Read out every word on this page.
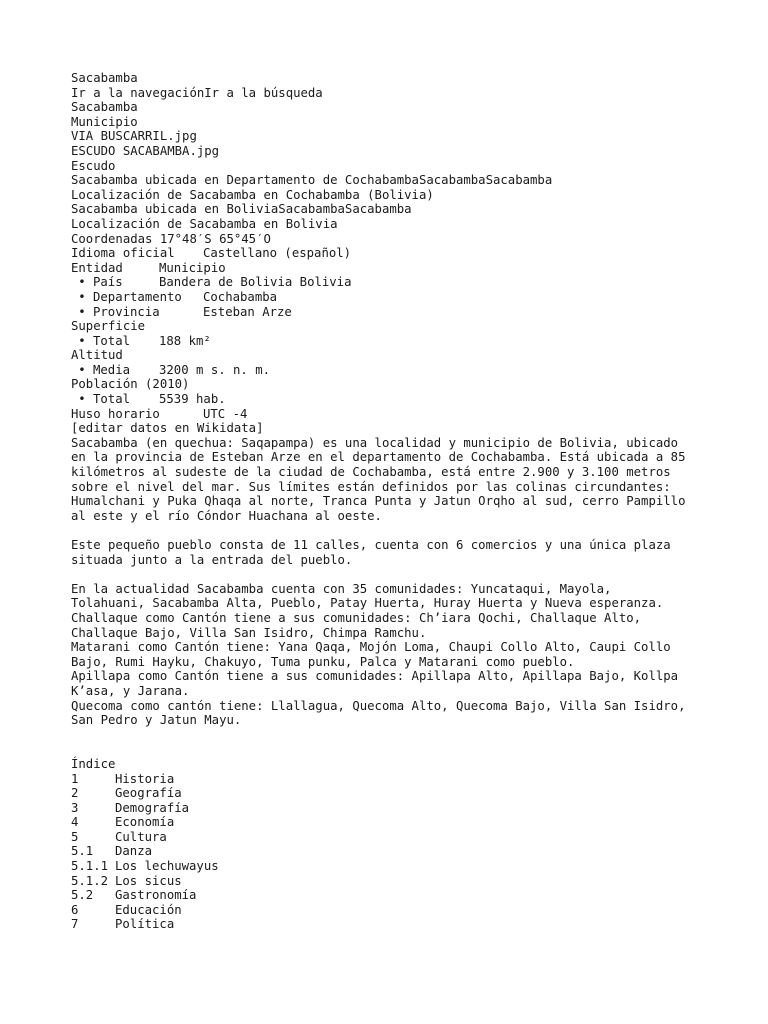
Sacabamba
Ir a la navegaciónIr a la búsqueda
Sacabamba
Municipio
VIA BUSCARRIL.jpg
ESCUDO SACABAMBA.jpg
Escudo
Sacabamba ubicada en Departamento de CochabambaSacabambaSacabamba
Localización de Sacabamba en Cochabamba (Bolivia)
Sacabamba ubicada en BoliviaSacabambaSacabamba
Localización de Sacabamba en Bolivia
Coordenadas 17°48′S 65°45′O
Idioma oficial	Castellano (español)
Entidad	Municipio
• País	Bandera de Bolivia Bolivia
• Departamento	Cochabamba
• Provincia	Esteban Arze
Superficie
• Total	188 km²
Altitud
• Media	3200 m s. n. m.
Población (2010)
• Total	5539 hab.
Huso horario	UTC -4
[editar datos en Wikidata]
Sacabamba (en quechua: Saqapampa) es una localidad y municipio de Bolivia, ubicado
en la provincia de Esteban Arze en el departamento de Cochabamba. Está ubicada a 85
kilómetros al sudeste de la ciudad de Cochabamba, está entre 2.900 y 3.100 metros
sobre el nivel del mar. Sus límites están definidos por las colinas circundantes:
Humalchani y Puka Qhaqa al norte, Tranca Punta y Jatun Orqho al sud, cerro Pampillo
al este y el río Cóndor Huachana al oeste.
Este pequeño pueblo consta de 11 calles, cuenta con 6 comercios y una única plaza
situada junto a la entrada del pueblo.
En la actualidad Sacabamba cuenta con 35 comunidades: Yuncataqui, Mayola,
Tolahuani, Sacabamba Alta, Pueblo, Patay Huerta, Huray Huerta y Nueva esperanza.
Challaque como Cantón tiene a sus comunidades: Ch’iara Qochi, Challaque Alto,
Challaque Bajo, Villa San Isidro, Chimpa Ramchu.
Matarani como Cantón tiene: Yana Qaqa, Mojón Loma, Chaupi Collo Alto, Caupi Collo
Bajo, Rumi Hayku, Chakuyo, Tuma punku, Palca y Matarani como pueblo.
Apillapa como Cantón tiene a sus comunidades: Apillapa Alto, Apillapa Bajo, Kollpa
K’asa, y Jarana.
Quecoma como cantón tiene: Llallagua, Quecoma Alto, Quecoma Bajo, Villa San Isidro,
San Pedro y Jatun Mayu.
Índice
1	Historia
2	Geografía
3	Demografía
4	Economía
5	Cultura
5.1	Danza
5.1.1 Los lechuwayus
5.1.2 Los sicus
5.2	Gastronomía
6	Educación
7	Política
